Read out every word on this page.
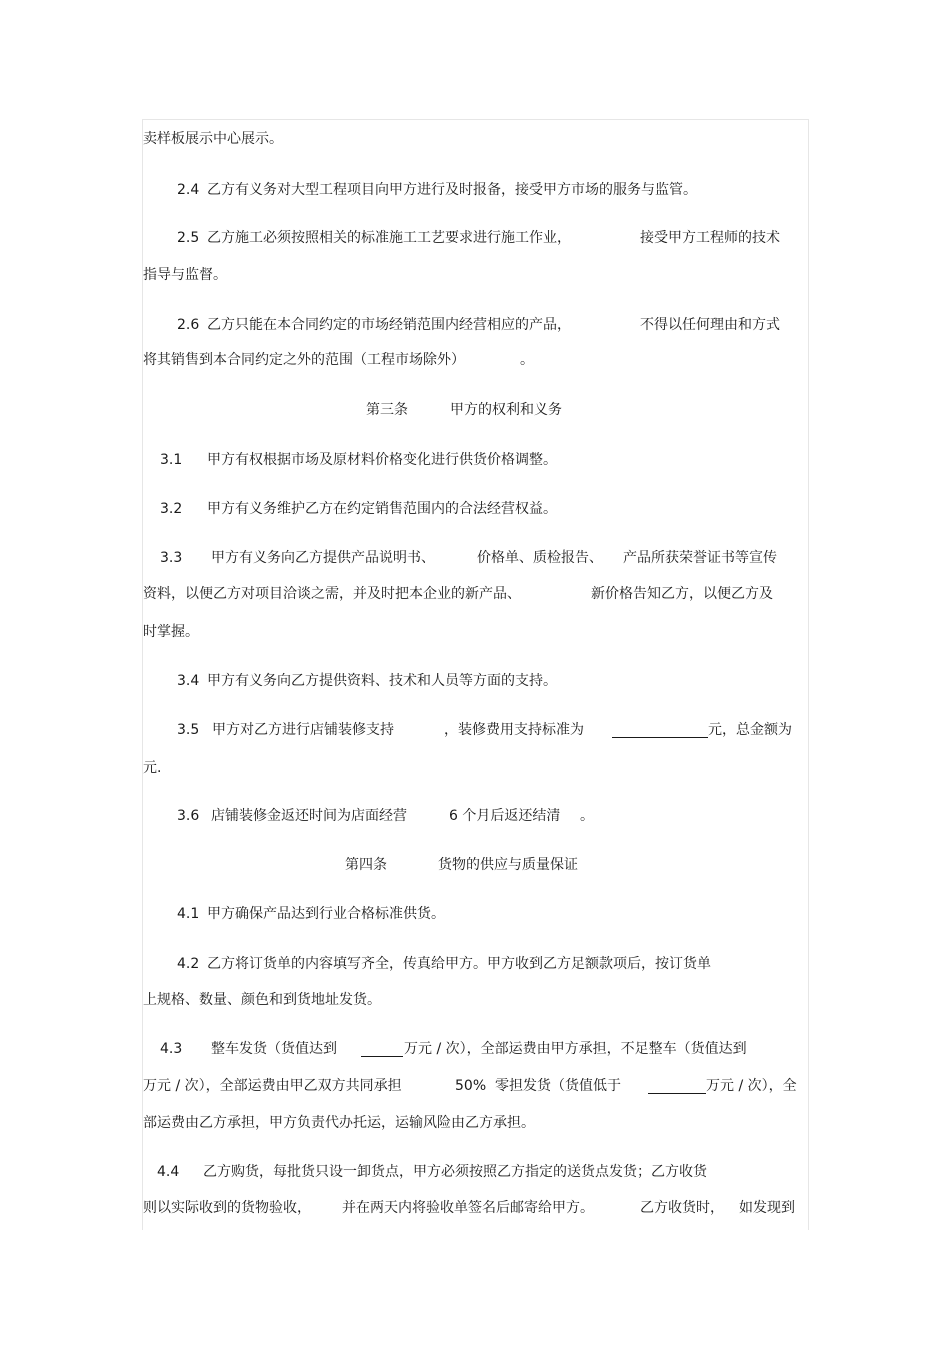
卖样板展示中心展示。
2.4 乙方有义务对大型工程项目向甲方进行及时报备，接受甲方市场的服务与监管。
2.5 乙方施工必须按照相关的标准施工工艺要求进行施工作业，	接受甲方工程师的技术
指导与监督。
2.6 乙方只能在本合同约定的市场经销范围内经营相应的产品，	不得以任何理由和方式
将其销售到本合同约定之外的范围（工程市场除外）	。
第三条	甲方的权利和义务
3.1 甲方有权根据市场及原材料价格变化进行供货价格调整。
3.2 甲方有义务维护乙方在约定销售范围内的合法经营权益。
3.3 甲方有义务向乙方提供产品说明书、	价格单、质检报告、 产品所获荣誉证书等宣传
资料，以便乙方对项目洽谈之需，并及时把本企业的新产品、	新价格告知乙方，以便乙方及
时掌握。
3.4 甲方有义务向乙方提供资料、技术和人员等方面的支持。
3.5 甲方对乙方进行店铺装修支持	，装修费用支持标准为	元，总金额为
元.
3.6 店铺装修金返还时间为店面经营	6 个月后返还结清 。
第四条	货物的供应与质量保证
4.1 甲方确保产品达到行业合格标准供货。
4.2 乙方将订货单的内容填写齐全，传真给甲方。甲方收到乙方足额款项后，按订货单
上规格、数量、颜色和到货地址发货。
4.3 整车发货（货值达到	万元 / 次），全部运费由甲方承担，不足整车（货值达到
万元 / 次），全部运费由甲乙双方共同承担	50% 零担发货（货值低于	万元 / 次），全
部运费由乙方承担，甲方负责代办托运，运输风险由乙方承担。
4.4 乙方购货，每批货只设一卸货点，甲方必须按照乙方指定的送货点发货；乙方收货
则以实际收到的货物验收， 并在两天内将验收单签名后邮寄给甲方。	乙方收货时， 如发现到
